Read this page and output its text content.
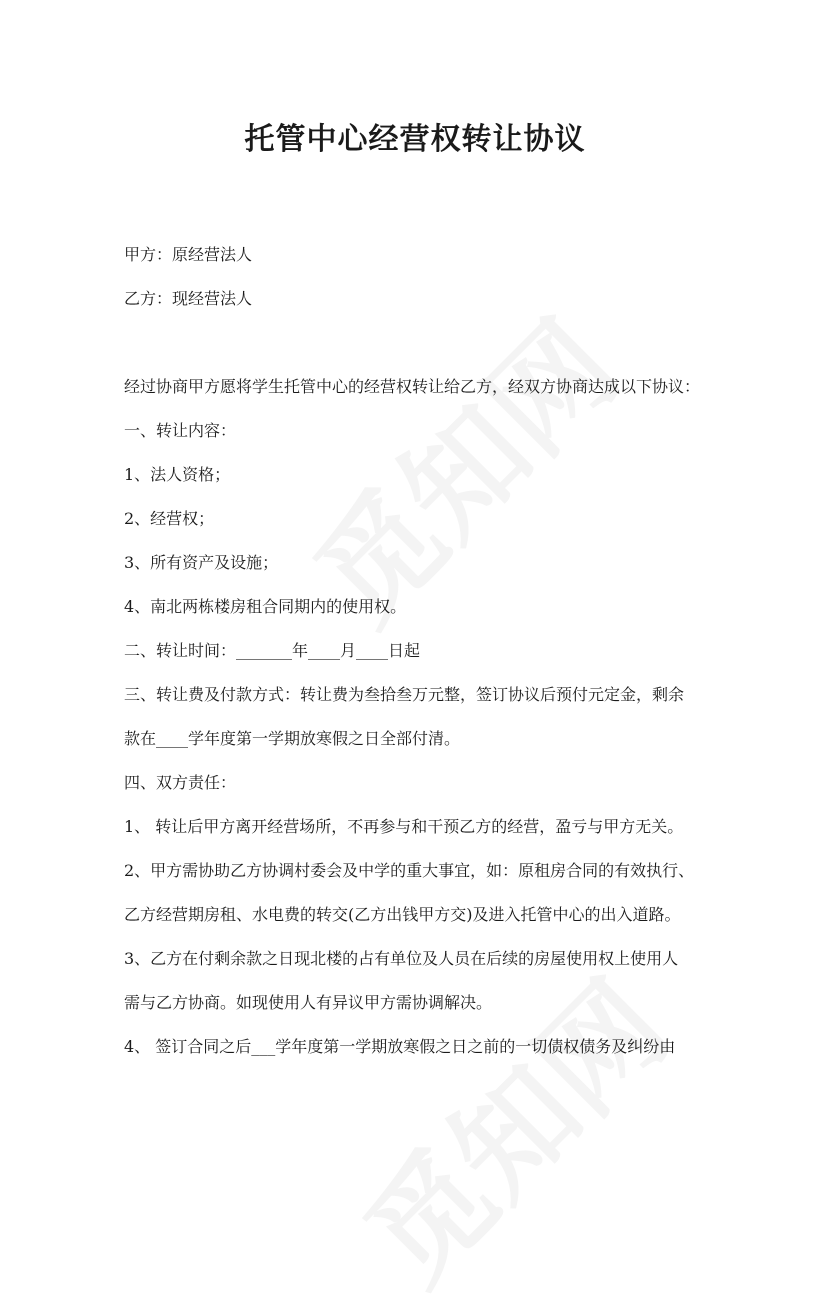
托管中心经营权转让协议
甲方：原经营法人
乙方：现经营法人
经过协商甲方愿将学生托管中心的经营权转让给乙方，经双方协商达成以下协议：
一、转让内容：
1、法人资格；
2、经营权；
3、所有资产及设施；
4、南北两栋楼房租合同期内的使用权。
二、转让时间：_______年____月____日起
三、转让费及付款方式：转让费为叁拾叁万元整，签订协议后预付元定金，剩余
款在____学年度第一学期放寒假之日全部付清。
四、双方责任：
1、 转让后甲方离开经营场所，不再参与和干预乙方的经营，盈亏与甲方无关。
2、甲方需协助乙方协调村委会及中学的重大事宜，如：原租房合同的有效执行、
乙方经营期房租、水电费的转交(乙方出钱甲方交)及进入托管中心的出入道路。
3、乙方在付剩余款之日现北楼的占有单位及人员在后续的房屋使用权上使用人
需与乙方协商。如现使用人有异议甲方需协调解决。
4、 签订合同之后___学年度第一学期放寒假之日之前的一切债权债务及纠纷由
